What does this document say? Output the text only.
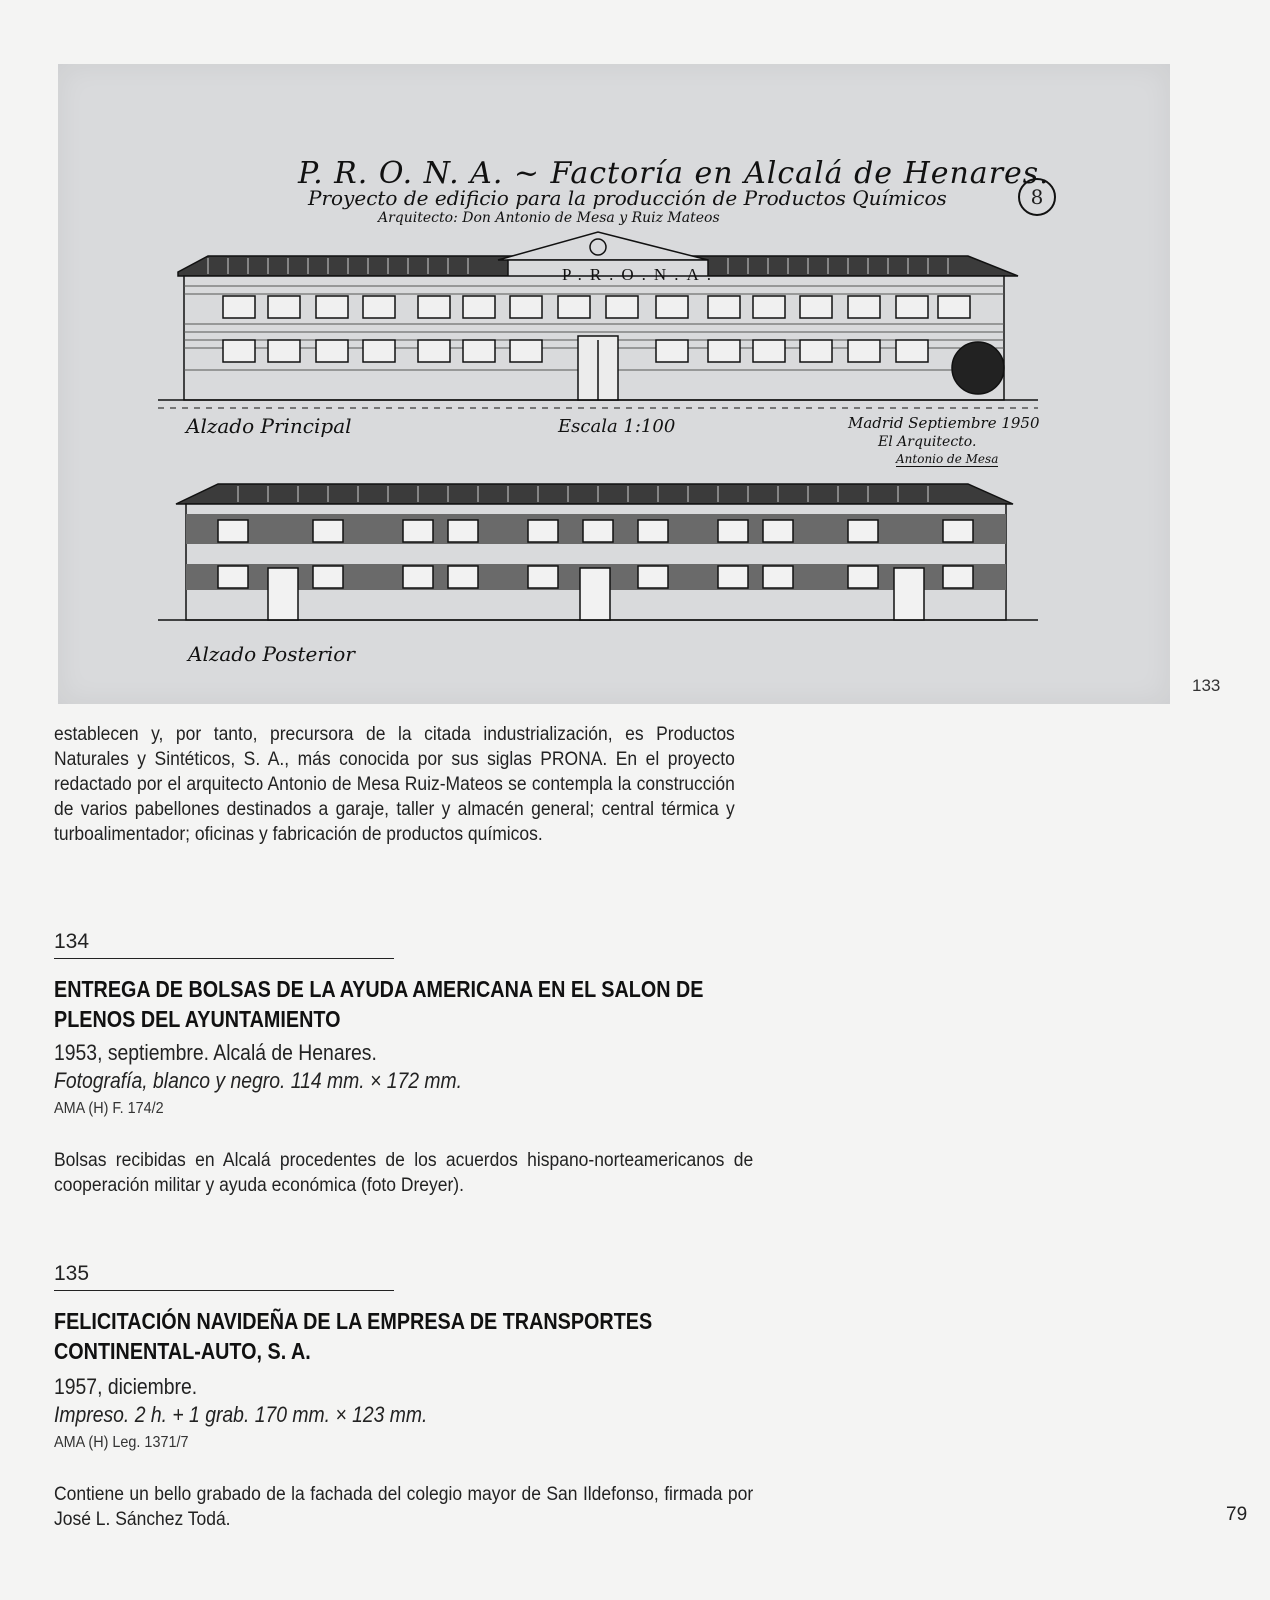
P. R. O. N. A. ~ Factoría en Alcalá de Henares.
Proyecto de edificio para la producción de Productos Químicos
Arquitecto: Don Antonio de Mesa y Ruiz Mateos
8
P.R.O.N.A.
Alzado Principal	Escala 1:100	Madrid Septiembre 1950
El Arquitecto.
Antonio de Mesa
Alzado Posterior
133
establecen y, por tanto, precursora de la citada industrialización, es Productos Naturales y Sintéticos, S. A., más conocida por sus siglas PRONA. En el proyecto redactado por el arquitecto Antonio de Mesa Ruiz-Mateos se contempla la construcción de varios pabellones destinados a garaje, taller y almacén general; central térmica y turboalimentador; oficinas y fabricación de productos químicos.
134
ENTREGA DE BOLSAS DE LA AYUDA AMERICANA EN EL SALON DE PLENOS DEL AYUNTAMIENTO
1953, septiembre. Alcalá de Henares.
Fotografía, blanco y negro. 114 mm. × 172 mm.
AMA (H) F. 174/2
Bolsas recibidas en Alcalá procedentes de los acuerdos hispano-norteamericanos de cooperación militar y ayuda económica (foto Dreyer).
135
FELICITACIÓN NAVIDEÑA DE LA EMPRESA DE TRANSPORTES CONTINENTAL-AUTO, S. A.
1957, diciembre.
Impreso. 2 h. + 1 grab. 170 mm. × 123 mm.
AMA (H) Leg. 1371/7
Contiene un bello grabado de la fachada del colegio mayor de San Ildefonso, firmada por José L. Sánchez Todá.	79
